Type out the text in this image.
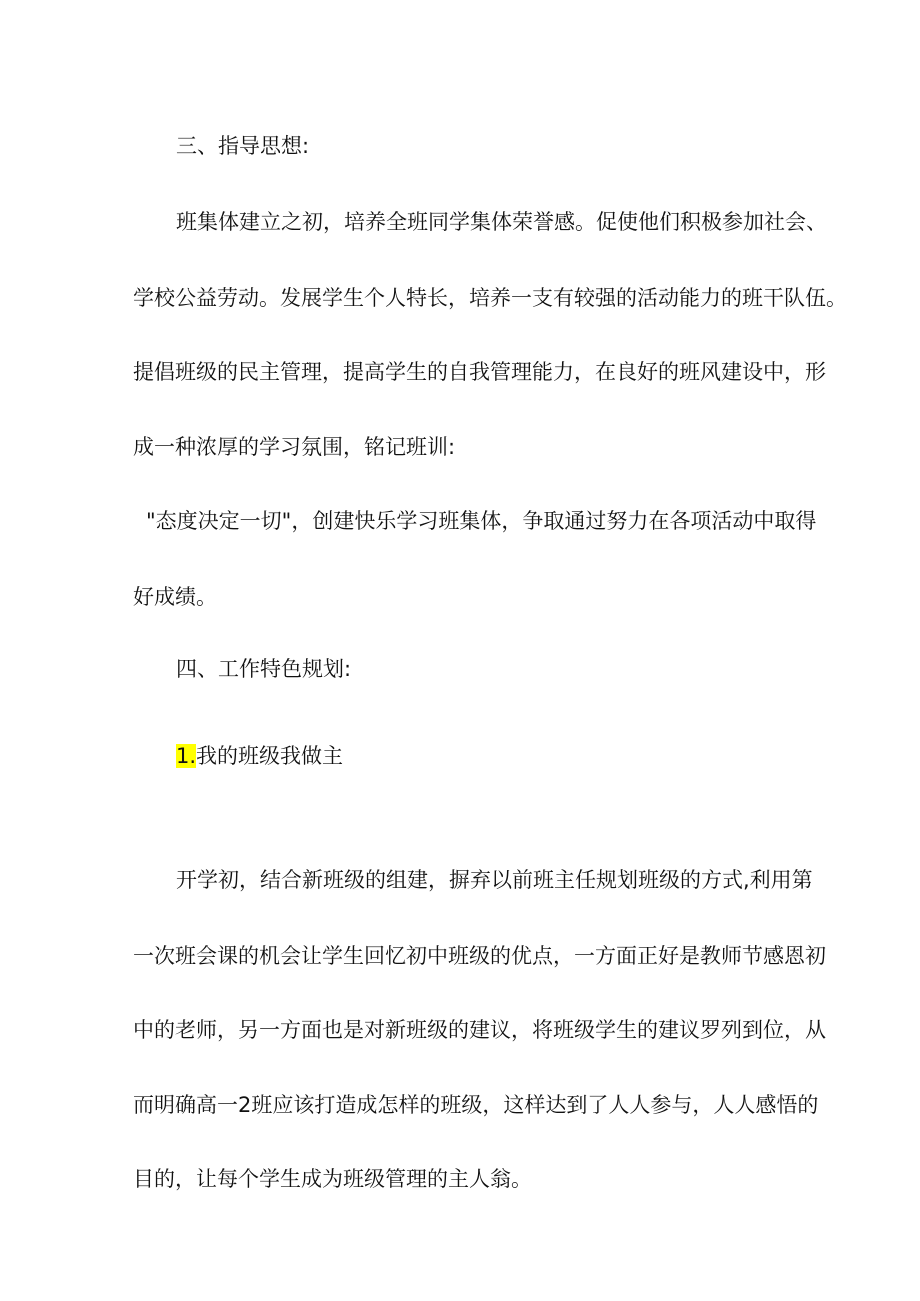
三、指导思想:
班集体建立之初，培养全班同学集体荣誉感。促使他们积极参加社会、
学校公益劳动。发展学生个人特长，培养一支有较强的活动能力的班干队伍。
提倡班级的民主管理，提高学生的自我管理能力，在良好的班风建设中，形
成一种浓厚的学习氛围，铭记班训:
"态度决定一切"，创建快乐学习班集体，争取通过努力在各项活动中取得
好成绩。
四、工作特色规划:
1.我的班级我做主
开学初，结合新班级的组建，摒弃以前班主任规划班级的方式,利用第
一次班会课的机会让学生回忆初中班级的优点，一方面正好是教师节感恩初
中的老师，另一方面也是对新班级的建议，将班级学生的建议罗列到位，从
而明确高一2班应该打造成怎样的班级，这样达到了人人参与，人人感悟的
目的，让每个学生成为班级管理的主人翁。
